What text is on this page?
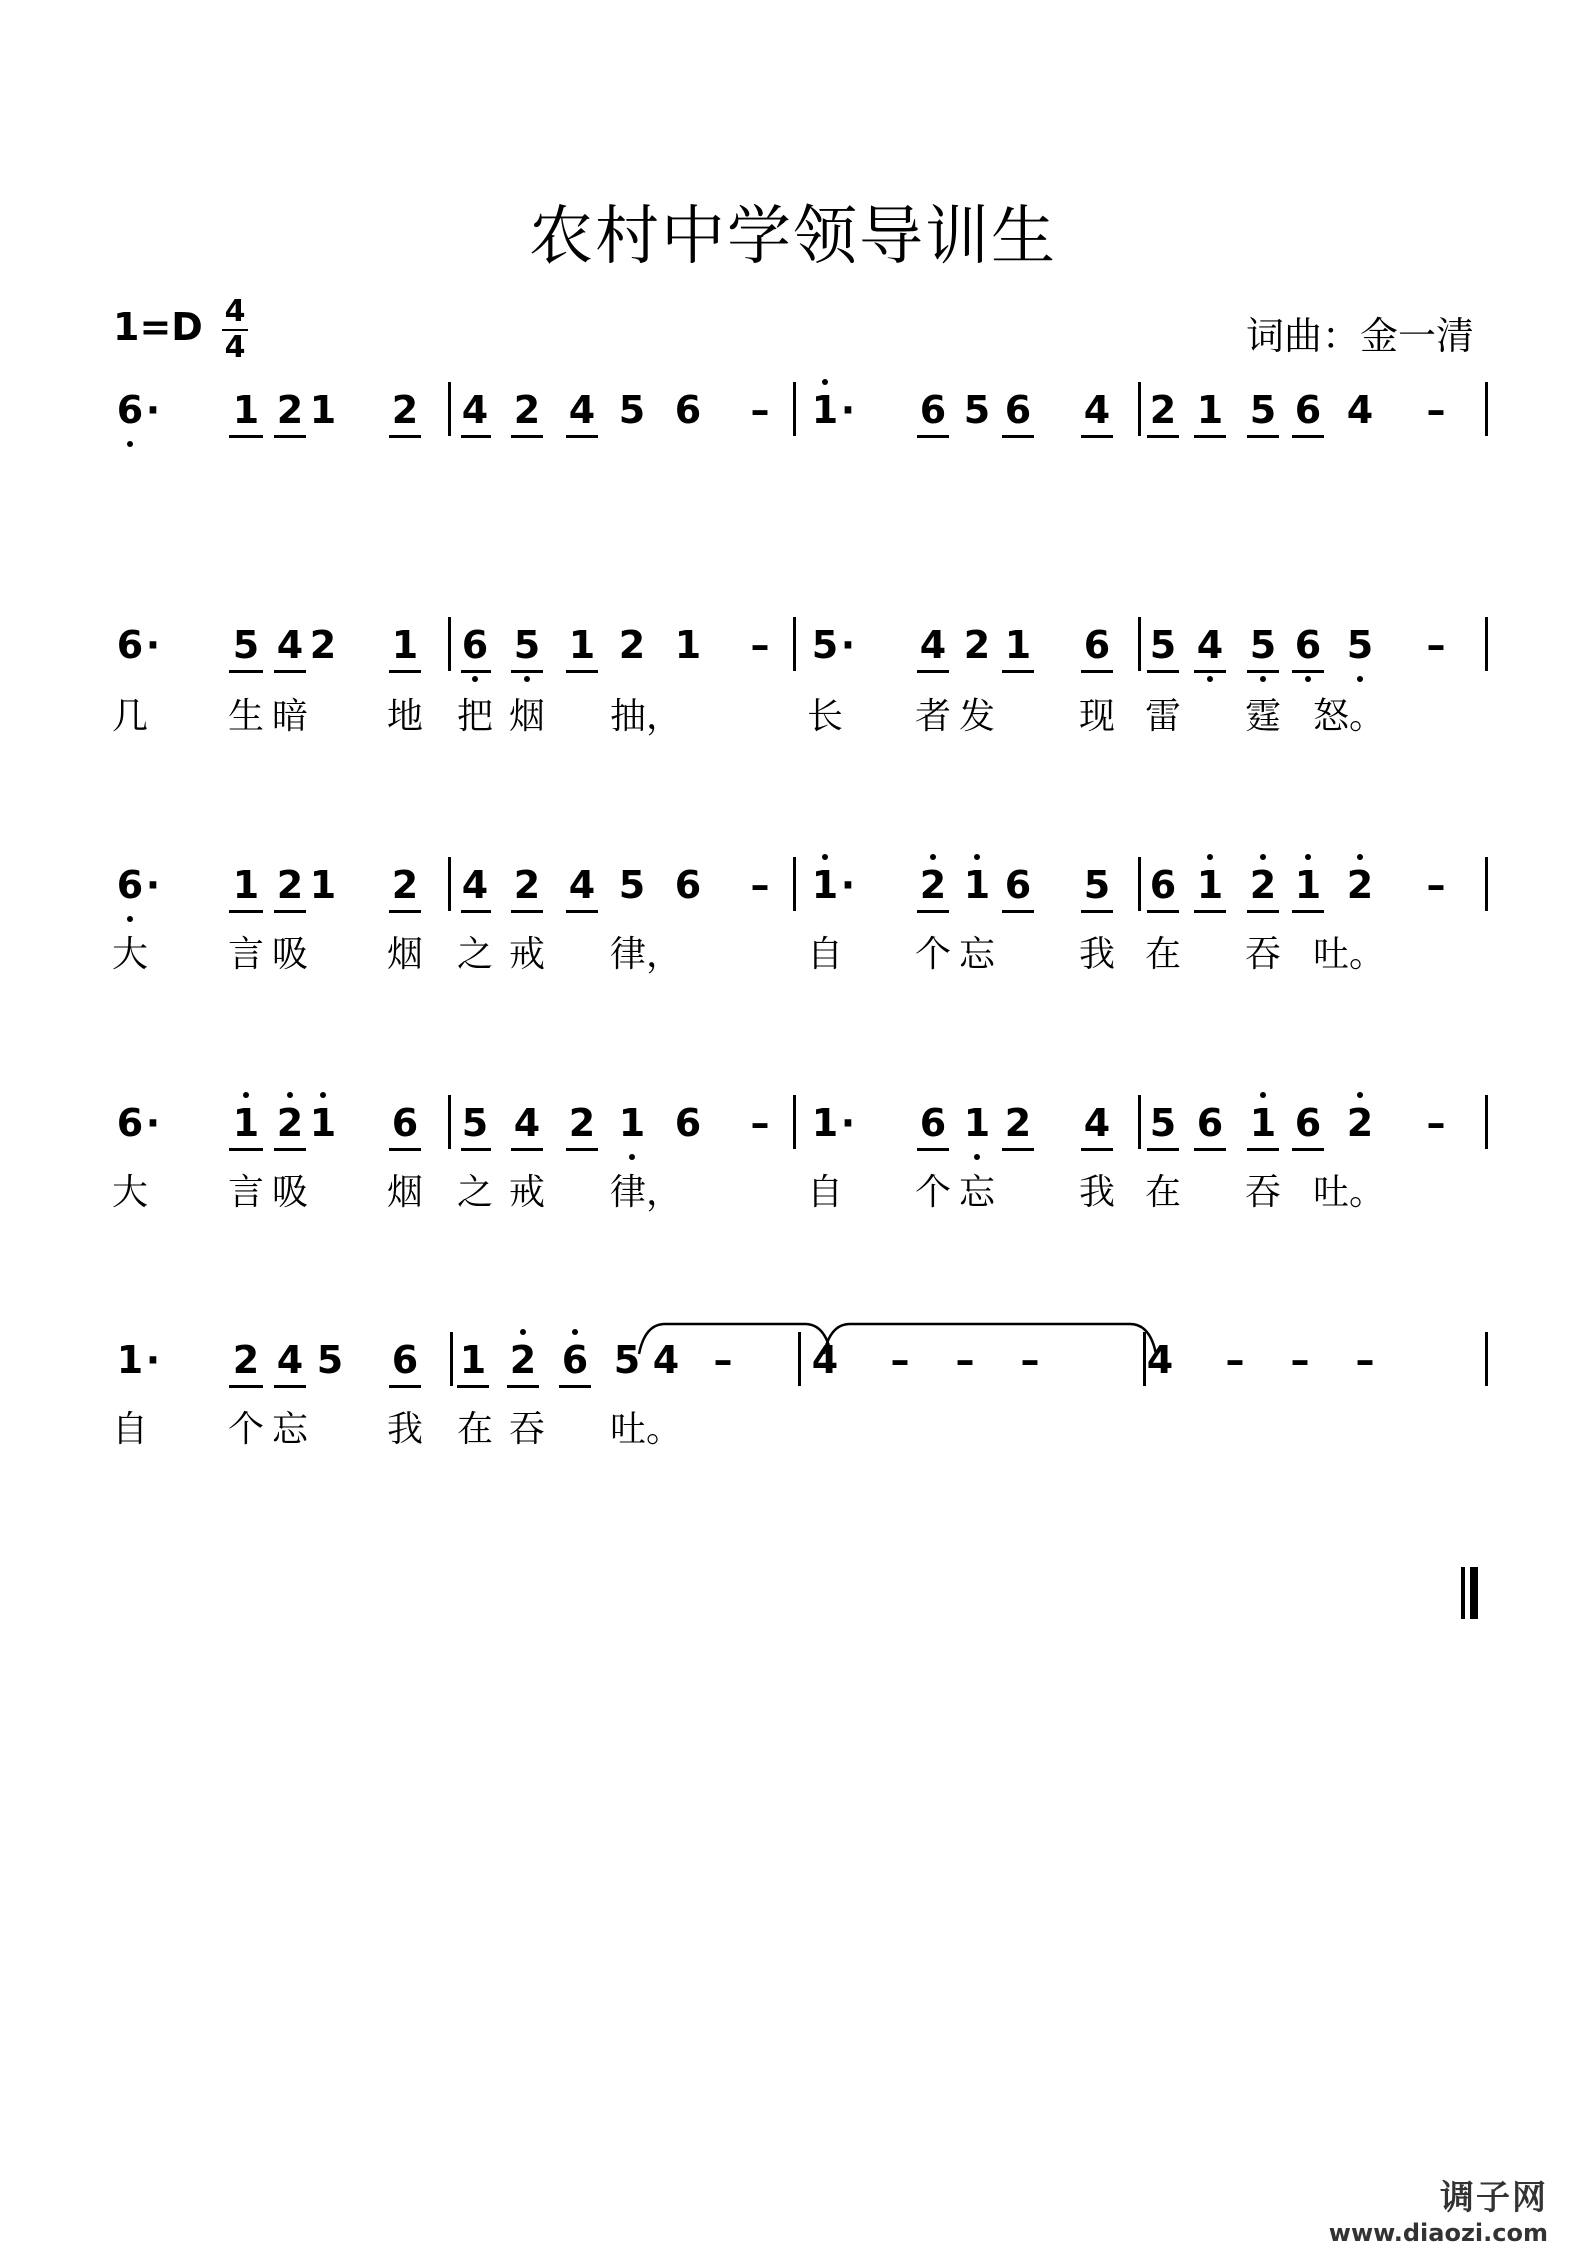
农村中学领导训生
1=D 4
4	词曲：金一清
6 ·	1 2 1 2 4 2 4 5 6 – 1 ·	6 5 6 4 2 1 5 6 4 –
6 ·	5 4 2 1 6 5 1 2 1 – 5 ·	4 2 1 6 5 4 5 6 5 –
几 生 暗 地 把 烟 抽，	长 者 发 现 雷 霆 怒。
6 ·	1 2 1 2 4 2 4 5 6 – 1 ·	2 1 6 5 6 1 2 1 2 –
大 言 吸 烟 之 戒 律，	自 个 忘 我 在 吞 吐。
6 ·	1 2 1 6 5 4 2 1 6 – 1 ·	6 1 2 4 5 6 1 6 2 –
大 言 吸 烟 之 戒 律，	自 个 忘 我 在 吞 吐。
1 ·	2 4 5 6 1 2 6 5 4 – 4 – – –	4 – – –
自 个 忘 我 在 吞 吐。
调子网
www.diaozi.com
